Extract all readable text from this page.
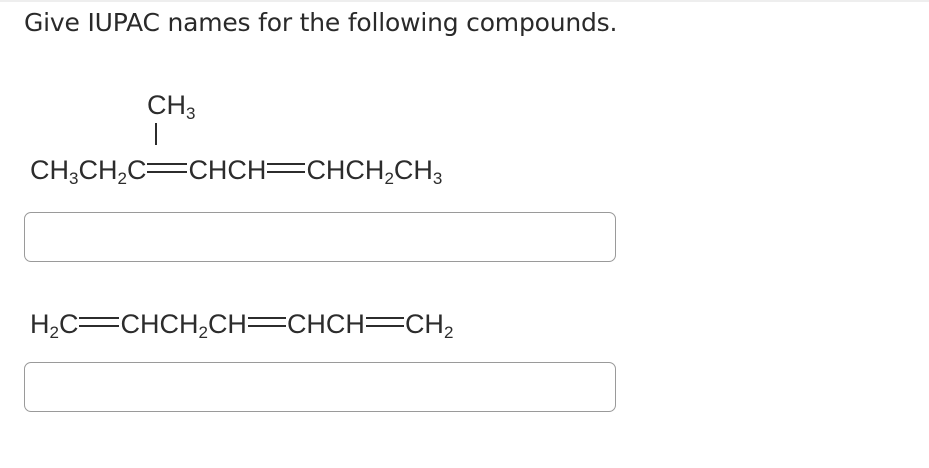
Give IUPAC names for the following compounds.
$CH_3$
$CH_3CH_2C$ CHCH $CHCH_2CH_3$
$H_2C$ $CHCH_2CH$ CHCH $CH_2$
